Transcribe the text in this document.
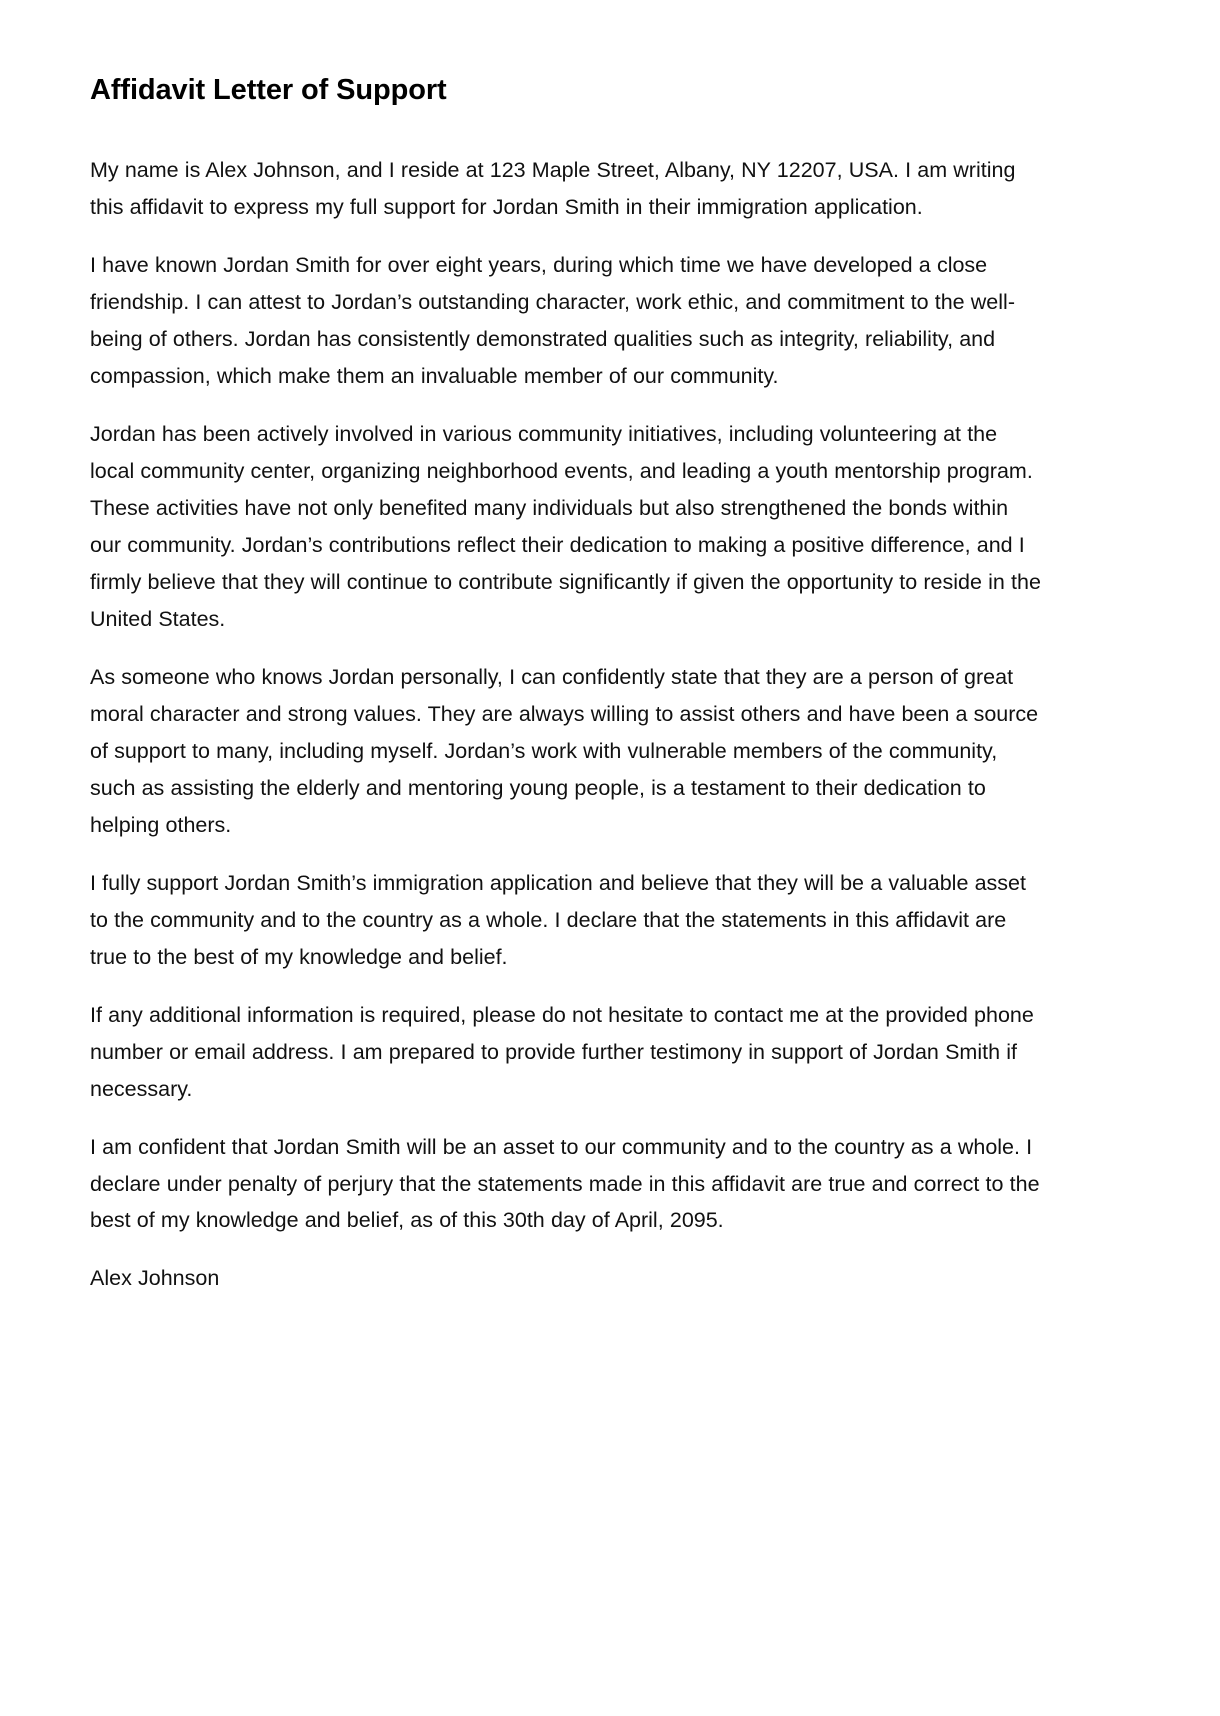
Affidavit Letter of Support

My name is Alex Johnson, and I reside at 123 Maple Street, Albany, NY 12207, USA. I am writing this affidavit to express my full support for Jordan Smith in their immigration application.

I have known Jordan Smith for over eight years, during which time we have developed a close friendship. I can attest to Jordan’s outstanding character, work ethic, and commitment to the well-being of others. Jordan has consistently demonstrated qualities such as integrity, reliability, and compassion, which make them an invaluable member of our community.

Jordan has been actively involved in various community initiatives, including volunteering at the local community center, organizing neighborhood events, and leading a youth mentorship program. These activities have not only benefited many individuals but also strengthened the bonds within our community. Jordan’s contributions reflect their dedication to making a positive difference, and I firmly believe that they will continue to contribute significantly if given the opportunity to reside in the United States.

As someone who knows Jordan personally, I can confidently state that they are a person of great moral character and strong values. They are always willing to assist others and have been a source of support to many, including myself. Jordan’s work with vulnerable members of the community, such as assisting the elderly and mentoring young people, is a testament to their dedication to helping others.

I fully support Jordan Smith’s immigration application and believe that they will be a valuable asset to the community and to the country as a whole. I declare that the statements in this affidavit are true to the best of my knowledge and belief.

If any additional information is required, please do not hesitate to contact me at the provided phone number or email address. I am prepared to provide further testimony in support of Jordan Smith if necessary.

I am confident that Jordan Smith will be an asset to our community and to the country as a whole. I declare under penalty of perjury that the statements made in this affidavit are true and correct to the best of my knowledge and belief, as of this 30th day of April, 2095.

Alex Johnson
